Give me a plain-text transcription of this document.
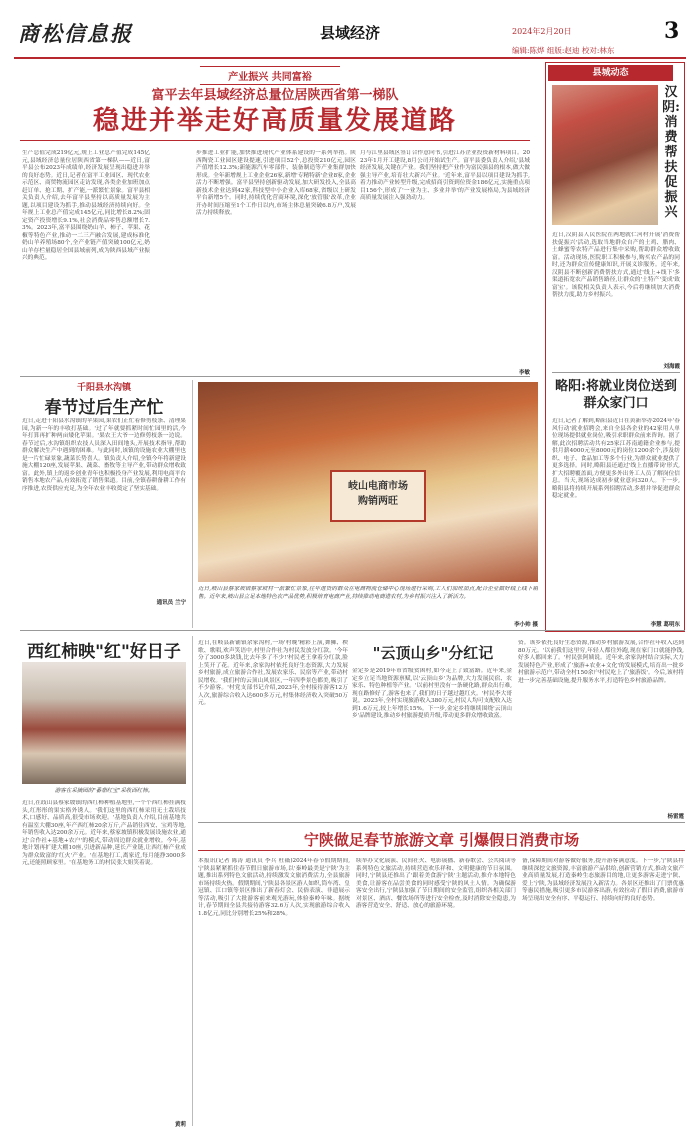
商松信息报	县域经济	2024年2月20日	3
编辑:陈烨 组版:赵迪 校对:林东
产业振兴 共同富裕
富平去年县域经济总量位居陕西省第一梯队
稳进并举走好高质量发展道路
生产总值完成219亿元,规上工业总产值完成145亿元,县域经济总量位居陕西省第一梯队——近日,富平县公布2023年成绩单,经济发展呈现出稳进并举的良好态势。近日,记者在富平工业园区、现代农业示范区、商贸物流园区走访发现,各类企业加班加点赶订单、抢工期、扩产能,一派繁忙景象。富平县相关负责人介绍,去年富平县坚持以高质量发展为主题,以项目建设为抓手,推动县域经济持续向好。全年规上工业总产值完成145亿元,同比增长8.2%;固定资产投资增长9.1%,社会消费品零售总额增长7.3%。2023年,富平县围绕奶山羊、柿子、苹果、花椒等特色产业,推动一二三产融合发展,建成标准化奶山羊养殖场80个,全产业链产值突破100亿元,奶山羊存栏量稳居全国县域前列,成为陕西县域产业振兴的典范。
步推进工业扩能,加快推进现代产业体系建设的一系列举措。陕西陶瓷工业园区建设提速,引进项目52个,总投资210亿元,园区产值增长12.3%;新能源汽车零部件、装备制造等产业集群加快形成。全年新增规上工业企业26家,新增'专精特新'企业8家,企业活力不断增强。富平县坚持创新驱动发展,加大研发投入,全县高新技术企业达到42家,科技型中小企业入库68家,省级以上研发平台新增5个。同时,持续优化营商环境,深化'放管服'改革,企业开办时间压缩至1个工作日以内,市场主体总量突破6.8万户,发展活力持续释放。
月与江里县域区签订合作意向书,引进江苏企业投资新材料项目。2023年1月开工建设,8月公司开始试生产。富平县委负责人介绍,'县域经济发展,关键在产业。我们坚持把产业作为富民强县的根本,做大做强主导产业,培育壮大新兴产业。'近年来,富平县以项目建设为抓手,着力推动产业转型升级,完成招商引资到位资金186亿元,实施重点项目156个,形成了'一业为主、多业并举'的产业发展格局,为县域经济高质量发展注入强劲动力。
李敏
县城动态
汉阴:消费帮扶促振兴
近日,汉阴县人民医院在两地就仁河村开展'消费帮扶促振兴'活动,选取当地群众自产的土鸡、腊肉、土蜂蜜等农特产品进行集中采购,帮助群众增收致富。活动现场,医院职工积极参与,购买农产品的同时,还为群众宣传健康知识,开展义诊服务。近年来,汉阴县不断创新消费帮扶方式,通过'线上+线下'多渠道拓宽农产品销售路径,让群众的'土特产'变成'致富宝'。该院相关负责人表示,今后将继续加大消费帮扶力度,助力乡村振兴。
刘海霞
略阳:将就业岗位送到群众家门口
近日,记者了解到,略阳县近日在黄新举办2024年'春风行动'就业招聘会,来自全县各企业的42家用人单位现场提供就业岗位,吸引求职群众前来咨询。据了解,此次招聘活动共有25家江苏南通籍企业参与,提供月薪4000元至8000元的岗位1200余个,涉及纺织、电子、食品加工等多个行业,为群众就业提供了更多选择。同时,略阳县还通过'线上直播带岗'形式,扩大招聘覆盖面,方便更多外出务工人员了解岗位信息。当天,现场达成初步就业意向320人。下一步,略阳县将持续开展系列招聘活动,多措并举促进群众稳定就业。
李慧 葛明东
千阳县水沟镇
春节过后生产忙
近日,走进千阳县水沟镇的苹果园,果农们正忙着修剪枝条、清理果园,为新一年的丰收打基础。'过了年就要抓紧时间忙园里的活,今年打算再扩种两亩矮化苹果。'果农王大爷一边修剪枝条一边说。春节过后,水沟镇组织农技人员深入田间地头,开展技术指导,帮助群众解决生产中遇到的困难。与此同时,该镇的设施农业大棚里也是一片忙碌景象,蔬菜长势喜人。镇负责人介绍,全镇今年将新建设施大棚120座,发展苹果、蔬菜、畜牧等主导产业,带动群众增收致富。此外,镇上的返乡创业青年也积极投身产业发展,利用电商平台销售本地农产品,有效拓宽了销售渠道。目前,全镇春耕备耕工作有序推进,农资供应充足,为全年农业丰收奠定了坚实基础。
通讯员 兰宁
岐山电商市场
购销两旺
近日,岐山县蔡家坡镇蔡家坡村一派繁忙景象,往年进货的群众在电商物流仓储中心现场进行采购,工人们加班加点,配合企业做好线上线下销售。近年来,岐山县立足本地特色农产品优势,积极培育电商产业,持续推动电商进农村,为乡村振兴注入了新活力。
李小帅 摄
西红柿映"红"好日子
游客在采摘园的"番茄红宝"采收西红柿。
近日,在歧山县蔡家坡镇的西红柿种植基地里,一个个西红柿挂满枝头,红彤彤的果实格外诱人。'我们这里的西红柿采用无土栽培技术,口感好、品质高,很受市场欢迎。'基地负责人介绍,目前基地共有温室大棚30座,年产西红柿20余万斤,产品销往西安、宝鸡等地,年销售收入达200余万元。近年来,蔡家坡镇积极发展设施农业,通过'合作社+基地+农户'的模式,带动周边群众就业增收。今年,基地计划再扩建大棚10座,引进新品种,延长产业链,让西红柿产业成为群众致富的'红火'产业。'在基地打工,离家近,每月能挣3000多元,还能照顾家里。'在基地务工的村民张大姐笑着说。
黄莉
近日,在岐县新铺镇余家沟村,一场'村晚'精彩上演,舞狮、秧歌、歌唱,欢声笑语中,村里合作社为村民发放分红款。'今年分了3000多块钱,比去年多了不少!'村民老王拿着分红款,脸上笑开了花。近年来,余家沟村依托良好生态资源,大力发展乡村旅游,成立旅游合作社,发展农家乐、民宿等产业,带动村民增收。'我们村的云顶山风景区,一年四季景色都美,吸引了不少游客。'村党支部书记介绍,2023年,全村接待游客12万人次,旅游综合收入达600多万元,村集体经济收入突破50万元。
"云顶山乡"分红记
金定乡是2019年市省级贫困村,如今走上了致富路。近年来,金定乡立足当地资源禀赋,以'云顶山乡'为品牌,大力发展民宿、农家乐、特色种植等产业。'以前村里没有一条硬化路,群众出行难,现在路修好了,游客也来了,我们的日子越过越红火。'村民李大哥说。2023年,全村实现旅游收入380万元,村民人均可支配收入达到1.6万元,较上年增长15%。下一步,金定乡将继续围绕'云顶山乡'品牌建设,推动乡村旅游提质升级,带动更多群众增收致富。
资。该乡依托良好生态资源,推动乡村旅游发展,合作社年收入达到80万元。'以前我们这里穷,年轻人都往外跑,现在家门口就能挣钱,好多人都回来了。'村民张阿姨说。近年来,余家沟村结合实际,大力发展特色产业,形成了'旅游+农业+文化'的发展模式,培育出一批乡村旅游示范户,带动全村150余户村民吃上了'旅游饭'。今后,该村将进一步完善基础设施,提升服务水平,打造特色乡村旅游品牌。
杨雷霆
宁陕做足春节旅游文章 引爆假日消费市场
本报讯(记者 陈涛 通讯员 李兵 杜薇)2024年春节假期期间,宁陕县紧紧抓住春节假日旅游市场,以'秦岭最美是宁陕'为主题,推出系列特色文旅活动,持续激发文旅消费活力,全县旅游市场持续火热。假期期间,宁陕县各景区游人如织,筒车湾、皇冠镇、江口镇等景区推出了新春灯会、民俗表演、非遗展示等活动,吸引了大批游客前来观光游玩,体验秦岭年味。据统计,春节期间全县共接待游客32.6万人次,实现旅游综合收入1.8亿元,同比分别增长25%和28%。
续举办文化展演、民间社火、电影展播、新春歌会、公共阅读等系列特色文旅活动,持续营造欢乐祥和、文明健康的节日氛围。同时,宁陕县还推出了'跟着美食游宁陕'主题活动,推介本地特色美食,让游客在品尝美食的同时感受宁陕的风土人情。为确保游客安全出行,宁陕县加强了节日期间的安全监管,组织各相关部门对景区、酒店、餐饮场所等进行安全检查,及时消除安全隐患,为游客营造安全、舒适、放心的旅游环境。
备,保障期间对游客做好服务,提升游客满意度。下一步,宁陕县将继续深挖文旅资源,丰富旅游产品供给,创新营销方式,推动文旅产业高质量发展,打造秦岭生态旅游目的地,让更多游客走进宁陕、爱上宁陕,为县域经济发展注入新活力。各景区还推出了门票优惠等惠民措施,吸引更多市民游客出游,有效拉动了假日消费,旅游市场呈现出安全有序、平稳运行、持续向好的良好态势。
